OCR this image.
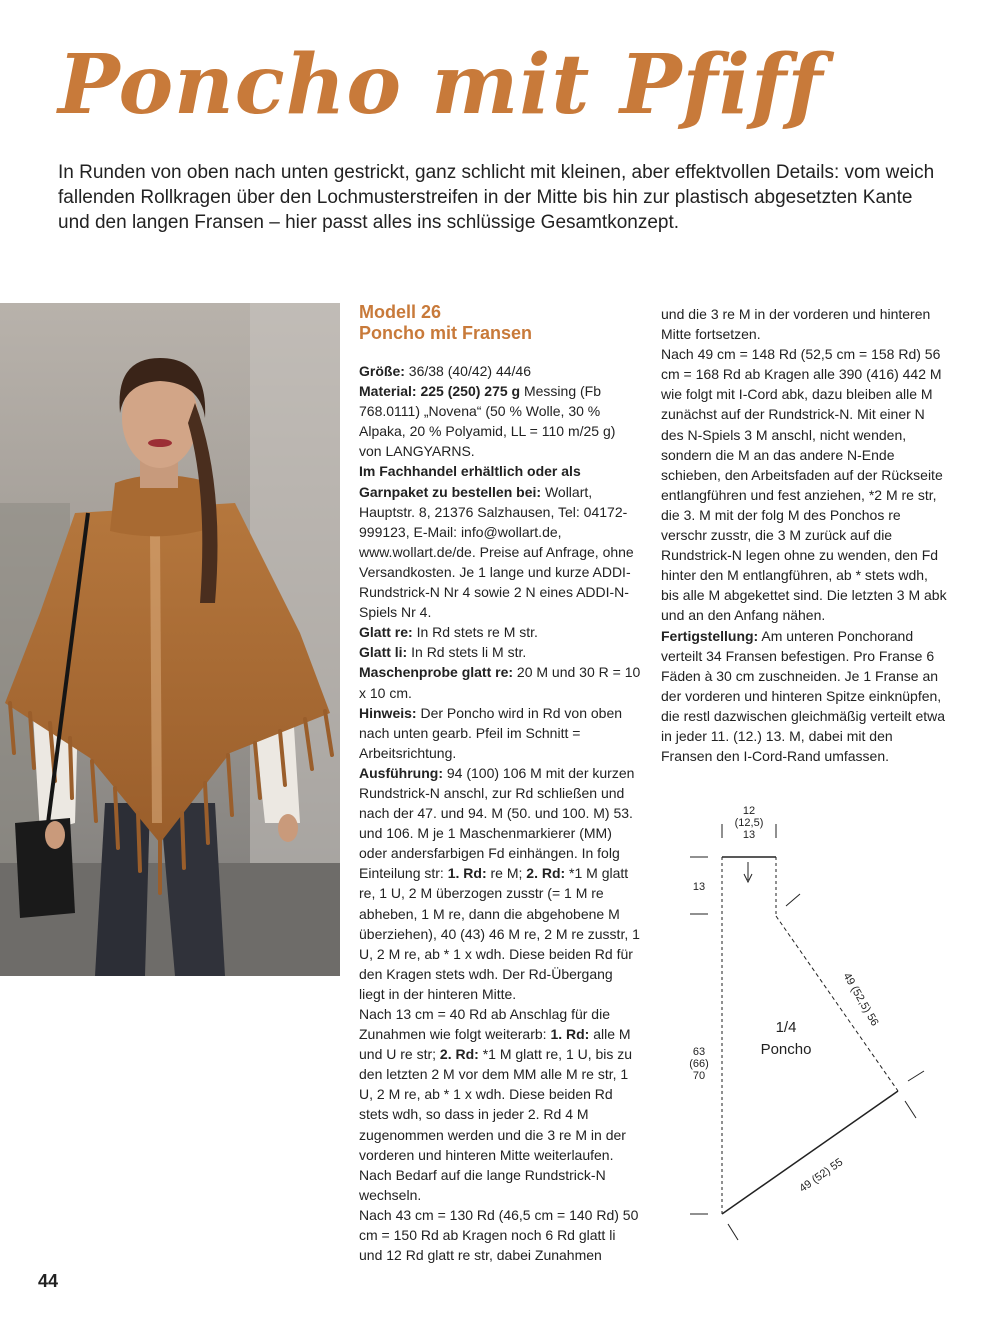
Poncho mit Pfiff

In Runden von oben nach unten gestrickt, ganz schlicht mit kleinen, aber effektvollen Details: vom weich fallenden Rollkragen über den Lochmusterstreifen in der Mitte bis hin zur plastisch abgesetzten Kante und den langen Fransen – hier passt alles ins schlüssige Gesamtkonzept.

Modell 26

Poncho mit Fransen

Größe: 36/38 (40/42) 44/46

Material: 225 (250) 275 g Messing (Fb 768.0111) „Novena“ (50 % Wolle, 30 % Alpaka, 20 % Polyamid, LL = 110 m/25 g) von LANGYARNS.

Im Fachhandel erhältlich oder als Garnpaket zu bestellen bei: Wollart, Hauptstr. 8, 21376 Salzhausen, Tel: 04172-999123, E-Mail: info@wollart.de, www.wollart.de/de. Preise auf Anfrage, ohne Versandkosten. Je 1 lange und kurze ADDI-Rundstrick-N Nr 4 sowie 2 N eines ADDI-N-Spiels Nr 4.

Glatt re: In Rd stets re M str.

Glatt li: In Rd stets li M str.

Maschenprobe glatt re: 20 M und 30 R = 10 x 10 cm.

Hinweis: Der Poncho wird in Rd von oben nach unten gearb. Pfeil im Schnitt = Arbeitsrichtung.

Ausführung: 94 (100) 106 M mit der kurzen Rundstrick-N anschl, zur Rd schließen und nach der 47. und 94. M (50. und 100. M) 53. und 106. M je 1 Maschenmarkierer (MM) oder andersfarbigen Fd einhängen. In folg Einteilung str: 1. Rd: re M; 2. Rd: *1 M glatt re, 1 U, 2 M überzogen zusstr (= 1 M re abheben, 1 M re, dann die abgehobene M überziehen), 40 (43) 46 M re, 2 M re zusstr, 1 U, 2 M re, ab * 1 x wdh. Diese beiden Rd für den Kragen stets wdh. Der Rd-Übergang liegt in der hinteren Mitte.

Nach 13 cm = 40 Rd ab Anschlag für die Zunahmen wie folgt weiterarb: 1. Rd: alle M und U re str; 2. Rd: *1 M glatt re, 1 U, bis zu den letzten 2 M vor dem MM alle M re str, 1 U, 2 M re, ab * 1 x wdh. Diese beiden Rd stets wdh, so dass in jeder 2. Rd 4 M zugenommen werden und die 3 re M in der vorderen und hinteren Mitte weiterlaufen. Nach Bedarf auf die lange Rundstrick-N wechseln.

Nach 43 cm = 130 Rd (46,5 cm = 140 Rd) 50 cm = 150 Rd ab Kragen noch 6 Rd glatt li und 12 Rd glatt re str, dabei Zunahmen

und die 3 re M in der vorderen und hinteren Mitte fortsetzen.

Nach 49 cm = 148 Rd (52,5 cm = 158 Rd) 56 cm = 168 Rd ab Kragen alle 390 (416) 442 M wie folgt mit I-Cord abk, dazu bleiben alle M zunächst auf der Rundstrick-N. Mit einer N des N-Spiels 3 M anschl, nicht wenden, sondern die M an das andere N-Ende schieben, den Arbeitsfaden auf der Rückseite entlangführen und fest anziehen, *2 M re str, die 3. M mit der folg M des Ponchos re verschr zusstr, die 3 M zurück auf die Rundstrick-N legen ohne zu wenden, den Fd hinter den M entlangführen, ab * stets wdh, bis alle M abgekettet sind. Die letzten 3 M abk und an den Anfang nähen.

Fertigstellung: Am unteren Ponchorand verteilt 34 Fransen befestigen. Pro Franse 6 Fäden à 30 cm zuschneiden. Je 1 Franse an der vorderen und hinteren Spitze einknüpfen, die restl dazwischen gleichmäßig verteilt etwa in jeder 11. (12.) 13. M, dabei mit den Fransen den I-Cord-Rand umfassen.

12
(12,5)
13
13
63
(66)
70
49 (52,5) 56
49 (52) 55
1/4
Poncho
44
